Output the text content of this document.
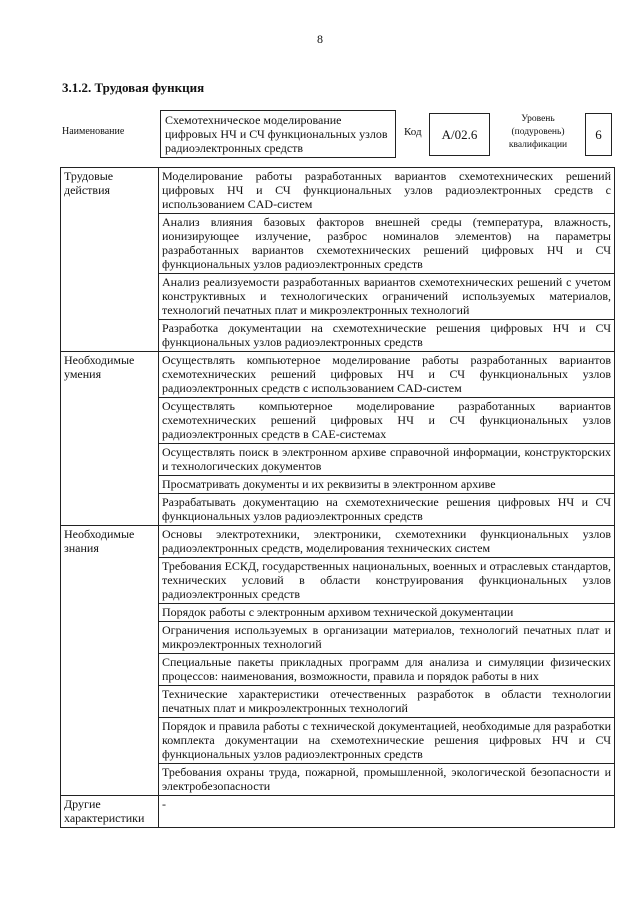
8
3.1.2. Трудовая функция
Наименование
Схемотехническое моделирование цифровых НЧ и СЧ функциональных узлов радиоэлектронных средств
Код	А/02.6
Уровень (подуровень) квалификации
6
Трудовые действия	Моделирование работы разработанных вариантов схемотехнических решений цифровых НЧ и СЧ функциональных узлов радиоэлектронных средств с использованием CAD-систем
	Анализ влияния базовых факторов внешней среды (температура, влажность, ионизирующее излучение, разброс номиналов элементов) на параметры разработанных вариантов схемотехнических решений цифровых НЧ и СЧ функциональных узлов радиоэлектронных средств
	Анализ реализуемости разработанных вариантов схемотехнических решений с учетом конструктивных и технологических ограничений используемых материалов, технологий печатных плат и микроэлектронных технологий
	Разработка документации на схемотехнические решения цифровых НЧ и СЧ функциональных узлов радиоэлектронных средств
Необходимые умения	Осуществлять компьютерное моделирование работы разработанных вариантов схемотехнических решений цифровых НЧ и СЧ функциональных узлов радиоэлектронных средств с использованием CAD-систем
	Осуществлять компьютерное моделирование разработанных вариантов схемотехнических решений цифровых НЧ и СЧ функциональных узлов радиоэлектронных средств в CAE-системах
	Осуществлять поиск в электронном архиве справочной информации, конструкторских и технологических документов
	Просматривать документы и их реквизиты в электронном архиве
	Разрабатывать документацию на схемотехнические решения цифровых НЧ и СЧ функциональных узлов радиоэлектронных средств
Необходимые знания	Основы электротехники, электроники, схемотехники функциональных узлов радиоэлектронных средств, моделирования технических систем
	Требования ЕСКД, государственных национальных, военных и отраслевых стандартов, технических условий в области конструирования функциональных узлов радиоэлектронных средств
	Порядок работы с электронным архивом технической документации
	Ограничения используемых в организации материалов, технологий печатных плат и микроэлектронных технологий
	Специальные пакеты прикладных программ для анализа и симуляции физических процессов: наименования, возможности, правила и порядок работы в них
	Технические характеристики отечественных разработок в области технологии печатных плат и микроэлектронных технологий
	Порядок и правила работы с технической документацией, необходимые для разработки комплекта документации на схемотехнические решения цифровых НЧ и СЧ функциональных узлов радиоэлектронных средств
	Требования охраны труда, пожарной, промышленной, экологической безопасности и электробезопасности
Другие характеристики	-
